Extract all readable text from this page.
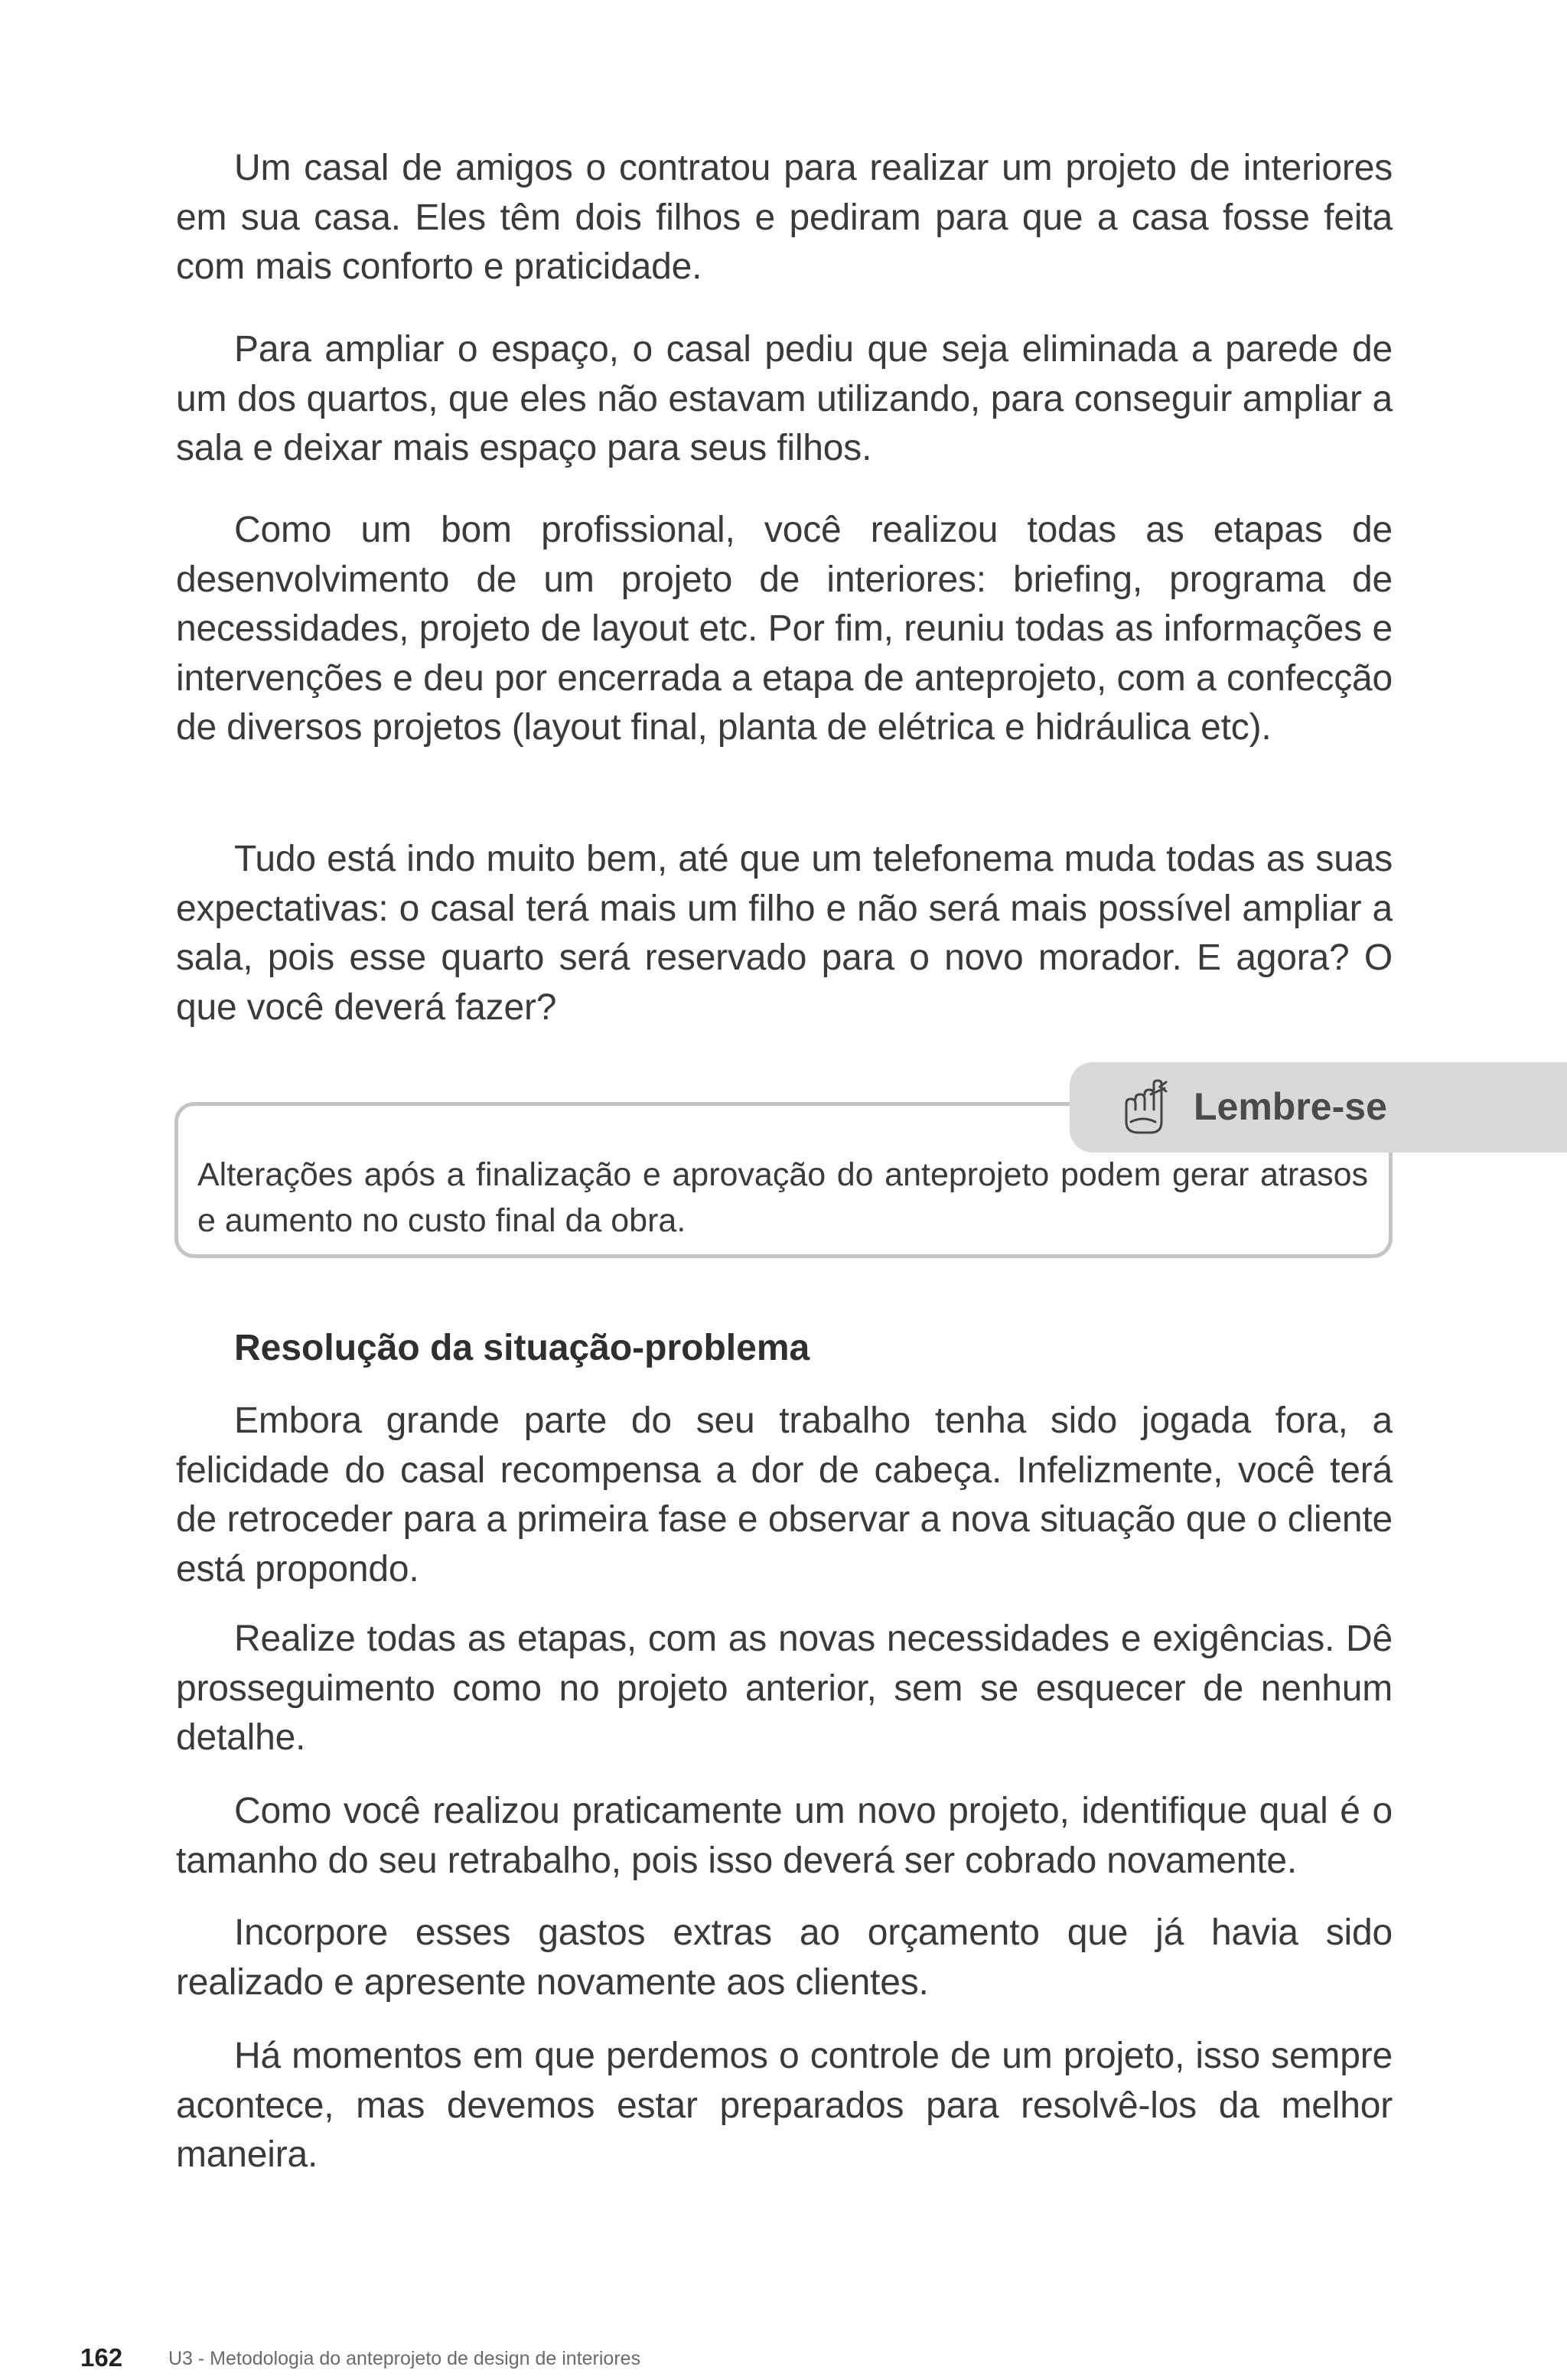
Um casal de amigos o contratou para realizar um projeto de interiores em sua casa. Eles têm dois filhos e pediram para que a casa fosse feita com mais conforto e praticidade.

Para ampliar o espaço, o casal pediu que seja eliminada a parede de um dos quartos, que eles não estavam utilizando, para conseguir ampliar a sala e deixar mais espaço para seus filhos.

Como um bom profissional, você realizou todas as etapas de desenvolvimento de um projeto de interiores: briefing, programa de necessidades, projeto de layout etc. Por fim, reuniu todas as informações e intervenções e deu por encerrada a etapa de anteprojeto, com a confecção de diversos projetos (layout final, planta de elétrica e hidráulica etc).

Tudo está indo muito bem, até que um telefonema muda todas as suas expectativas: o casal terá mais um filho e não será mais possível ampliar a sala, pois esse quarto será reservado para o novo morador. E agora? O que você deverá fazer?

Lembre-se

Alterações após a finalização e aprovação do anteprojeto podem gerar atrasos e aumento no custo final da obra.

Resolução da situação-problema

Embora grande parte do seu trabalho tenha sido jogada fora, a felicidade do casal recompensa a dor de cabeça. Infelizmente, você terá de retroceder para a primeira fase e observar a nova situação que o cliente está propondo.

Realize todas as etapas, com as novas necessidades e exigências. Dê prosseguimento como no projeto anterior, sem se esquecer de nenhum detalhe.

Como você realizou praticamente um novo projeto, identifique qual é o tamanho do seu retrabalho, pois isso deverá ser cobrado novamente.

Incorpore esses gastos extras ao orçamento que já havia sido realizado e apresente novamente aos clientes.

Há momentos em que perdemos o controle de um projeto, isso sempre acontece, mas devemos estar preparados para resolvê-los da melhor maneira.

162 U3 - Metodologia do anteprojeto de design de interiores
